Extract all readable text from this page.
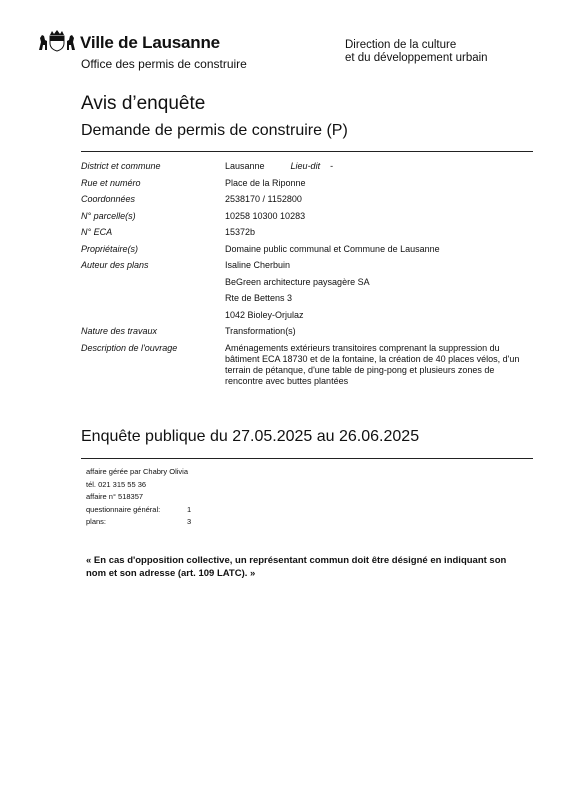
Ville de Lausanne
Office des permis de construire
Direction de la culture
et du développement urbain
Avis d’enquête
Demande de permis de construire (P)
District et commune	Lausanne	Lieu-dit -
Rue et numéro	Place de la Riponne
Coordonnées	2538170 / 1152800
N° parcelle(s)	10258 10300 10283
N° ECA	15372b
Propriétaire(s)	Domaine public communal et Commune de Lausanne
Auteur des plans	Isaline Cherbuin
BeGreen architecture paysagère SA
Rte de Bettens 3
1042 Bioley-Orjulaz
Nature des travaux	Transformation(s)
Description de l'ouvrage	Aménagements extérieurs transitoires comprenant la suppression du bâtiment ECA 18730 et de la fontaine, la création de 40 places vélos, d'un terrain de pétanque, d'une table de ping-pong et plusieurs zones de rencontre avec buttes plantées
Enquête publique du 27.05.2025 au 26.06.2025
affaire gérée par Chabry Olivia
tél. 021 315 55 36
affaire n° 518357
questionnaire général:	1
plans:	3
« En cas d'opposition collective, un représentant commun doit être désigné en indiquant son nom et son adresse (art. 109 LATC). »
